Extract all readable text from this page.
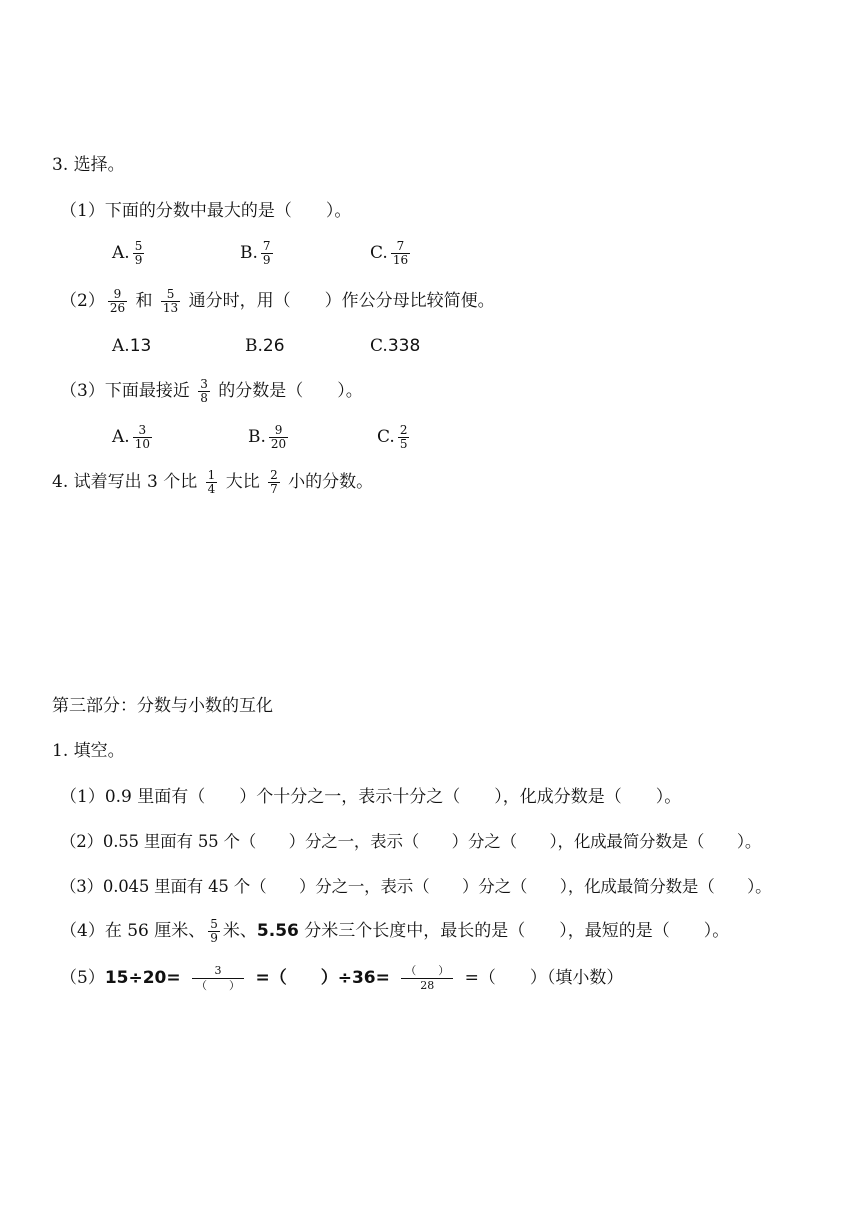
3. 选择。
（1）下面的分数中最大的是（　　）。
A. $\frac{5}{9}$	B. $\frac{7}{9}$	C. $\frac{7}{16}$
$(2) \frac{9}{26}$ 和 $\frac{5}{13}$ 通分时，用（　　）作公分母比较简便。
A.13	B.26	C.338
（3）下面最接近 $\frac{3}{8}$ 的分数是（　　）。
A. $\frac{3}{10}$	B. $\frac{9}{20}$	C. $\frac{2}{5}$
4. 试着写出 3 个比 $\frac{1}{4}$ 大比 $\frac{2}{7}$ 小的分数。
第三部分：分数与小数的互化
1. 填空。
（1）0.9 里面有（　　）个十分之一，表示十分之（　　），化成分数是（　　）。
（2）0.55 里面有 55 个（　　）分之一，表示（　　）分之（　　），化成最简分数是（　　）。
（3）0.045 里面有 45 个（　　）分之一，表示（　　）分之（　　），化成最简分数是（　　）。
（4）在 56 厘米、 $\frac{5}{9}$ 米、5.56 分米三个长度中，最长的是（　　），最短的是（　　）。
$(5)15\div 20= \frac{3}{( )}$ =（　　）$\div 36= \frac{( )}{28}$ =（　　）（填小数）
